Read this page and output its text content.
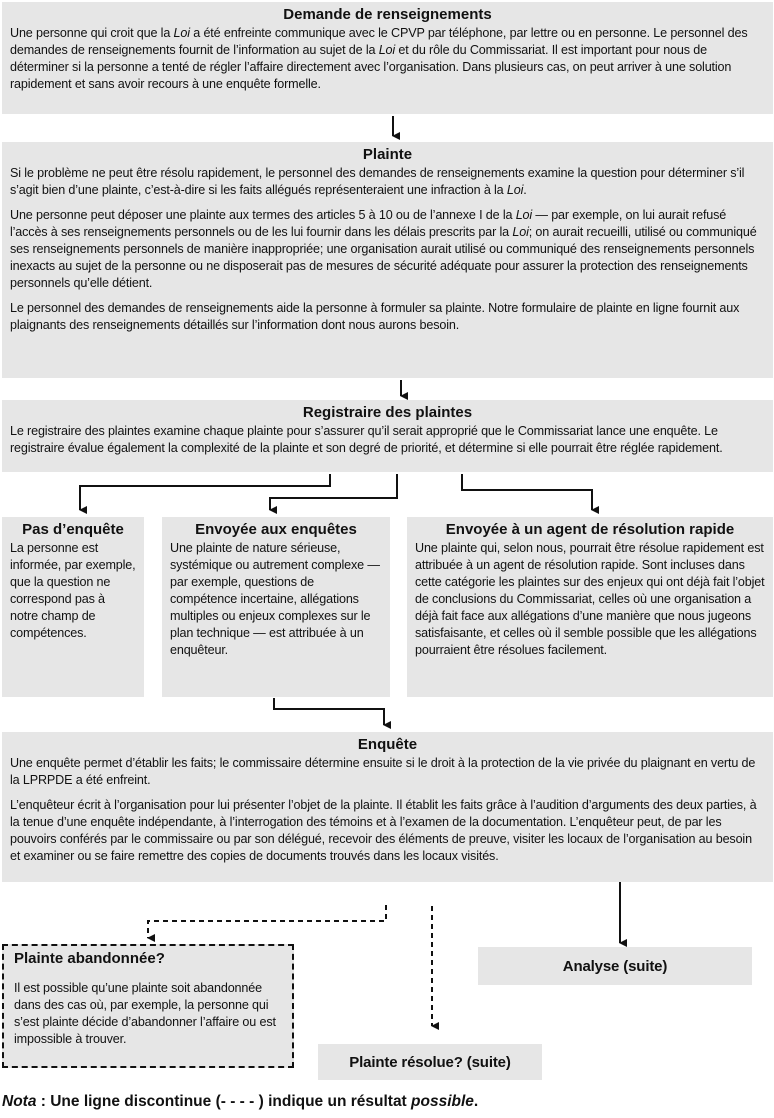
Demande de renseignements

Une personne qui croit que la Loi a été enfreinte communique avec le CPVP par téléphone, par lettre ou en personne. Le personnel des demandes de renseignements fournit de l’information au sujet de la Loi et du rôle du Commissariat. Il est important pour nous de déterminer si la personne a tenté de régler l’affaire directement avec l’organisation. Dans plusieurs cas, on peut arriver à une solution rapidement et sans avoir recours à une enquête formelle.

Plainte

Si le problème ne peut être résolu rapidement, le personnel des demandes de renseignements examine la question pour déterminer s’il s’agit bien d’une plainte, c’est-à-dire si les faits allégués représenteraient une infraction à la Loi.

Une personne peut déposer une plainte aux termes des articles 5 à 10 ou de l’annexe I de la Loi — par exemple, on lui aurait refusé l’accès à ses renseignements personnels ou de les lui fournir dans les délais prescrits par la Loi; on aurait recueilli, utilisé ou communiqué ses renseignements personnels de manière inappropriée; une organisation aurait utilisé ou communiqué des renseignements personnels inexacts au sujet de la personne ou ne disposerait pas de mesures de sécurité adéquate pour assurer la protection des renseignements personnels qu’elle détient.

Le personnel des demandes de renseignements aide la personne à formuler sa plainte. Notre formulaire de plainte en ligne fournit aux plaignants des renseignements détaillés sur l’information dont nous aurons besoin.

Registraire des plaintes

Le registraire des plaintes examine chaque plainte pour s’assurer qu’il serait approprié que le Commissariat lance une enquête. Le registraire évalue également la complexité de la plainte et son degré de priorité, et détermine si elle pourrait être réglée rapidement.

Pas d’enquête

La personne est informée, par exemple, que la question ne correspond pas à notre champ de compétences.

Envoyée aux enquêtes

Une plainte de nature sérieuse, systémique ou autrement complexe — par exemple, questions de compétence incertaine, allégations multiples ou enjeux complexes sur le plan technique — est attribuée à un enquêteur.

Envoyée à un agent de résolution rapide

Une plainte qui, selon nous, pourrait être résolue rapidement est attribuée à un agent de résolution rapide. Sont incluses dans cette catégorie les plaintes sur des enjeux qui ont déjà fait l’objet de conclusions du Commissariat, celles où une organisation a déjà fait face aux allégations d’une manière que nous jugeons satisfaisante, et celles où il semble possible que les allégations pourraient être résolues facilement.

Enquête

Une enquête permet d’établir les faits; le commissaire détermine ensuite si le droit à la protection de la vie privée du plaignant en vertu de la LPRPDE a été enfreint.

L’enquêteur écrit à l’organisation pour lui présenter l’objet de la plainte. Il établit les faits grâce à l’audition d’arguments des deux parties, à la tenue d’une enquête indépendante, à l’interrogation des témoins et à l’examen de la documentation. L’enquêteur peut, de par les pouvoirs conférés par le commissaire ou par son délégué, recevoir des éléments de preuve, visiter les locaux de l’organisation au besoin et examiner ou se faire remettre des copies de documents trouvés dans les locaux visités.

Plainte abandonnée?

Il est possible qu’une plainte soit abandonnée dans des cas où, par exemple, la personne qui s’est plainte décide d’abandonner l’affaire ou est impossible à trouver.

Analyse (suite)
Plainte résolue? (suite)
Nota : Une ligne discontinue (- - - - ) indique un résultat possible.
